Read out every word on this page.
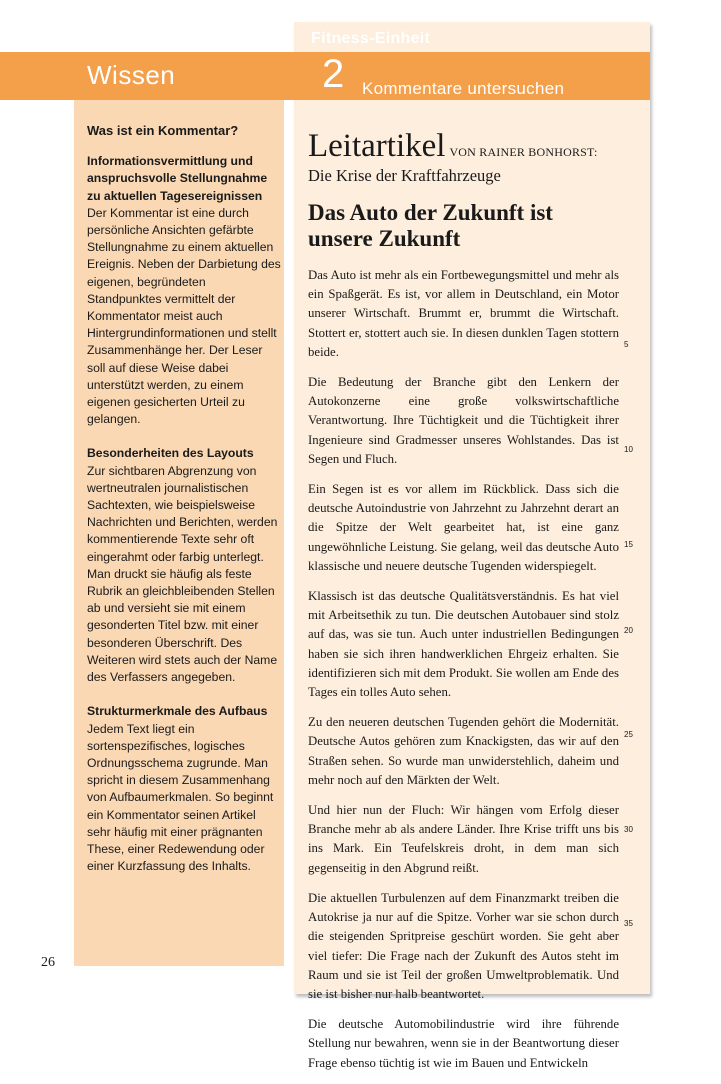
Fitness-Einheit
Wissen	2 Kommentare untersuchen
Was ist ein Kommentar?
Informationsvermittlung und anspruchsvolle Stellungnahme zu aktuellen Tagesereignissen

Der Kommentar ist eine durch persönliche Ansichten gefärbte Stellungnahme zu einem aktuellen Ereignis. Neben der Darbietung des eigenen, begründeten Standpunktes vermittelt der Kommentator meist auch Hintergrundinformationen und stellt Zusammenhänge her. Der Leser soll auf diese Weise dabei unterstützt werden, zu einem eigenen gesicherten Urteil zu gelangen.

Besonderheiten des Layouts

Zur sichtbaren Abgrenzung von wertneutralen journalistischen Sachtexten, wie beispielsweise Nachrichten und Berichten, werden kommentierende Texte sehr oft eingerahmt oder farbig unterlegt. Man druckt sie häufig als feste Rubrik an gleichbleibenden Stellen ab und versieht sie mit einem gesonderten Titel bzw. mit einer besonderen Überschrift. Des Weiteren wird stets auch der Name des Verfassers angegeben.

Strukturmerkmale des Aufbaus

Jedem Text liegt ein sortenspezifisches, logisches Ordnungsschema zugrunde. Man spricht in diesem Zusammenhang von Aufbaumerkmalen. So beginnt ein Kommentator seinen Artikel sehr häufig mit einer prägnanten These, einer Redewendung oder einer Kurzfassung des Inhalts.

Leitartikel VON RAINER BONHORST:
Die Krise der Kraftfahrzeuge
Das Auto der Zukunft ist unsere Zukunft

Das Auto ist mehr als ein Fortbewegungsmittel und mehr als ein Spaßgerät. Es ist, vor allem in Deutschland, ein Motor unserer Wirtschaft. Brummt er, brummt die Wirtschaft. Stottert er, stottert auch sie. In diesen dunklen Tagen stottern beide.

Die Bedeutung der Branche gibt den Lenkern der Autokonzerne eine große volkswirtschaftliche Verantwortung. Ihre Tüchtigkeit und die Tüchtigkeit ihrer Ingenieure sind Gradmesser unseres Wohlstandes. Das ist Segen und Fluch.

Ein Segen ist es vor allem im Rückblick. Dass sich die deutsche Autoindustrie von Jahrzehnt zu Jahrzehnt derart an die Spitze der Welt gearbeitet hat, ist eine ganz ungewöhnliche Leistung. Sie gelang, weil das deutsche Auto klassische und neuere deutsche Tugenden widerspiegelt.

Klassisch ist das deutsche Qualitätsverständnis. Es hat viel mit Arbeitsethik zu tun. Die deutschen Autobauer sind stolz auf das, was sie tun. Auch unter industriellen Bedingungen haben sie sich ihren handwerklichen Ehrgeiz erhalten. Sie identifizieren sich mit dem Produkt. Sie wollen am Ende des Tages ein tolles Auto sehen.

Zu den neueren deutschen Tugenden gehört die Modernität. Deutsche Autos gehören zum Knackigsten, das wir auf den Straßen sehen. So wurde man unwiderstehlich, daheim und mehr noch auf den Märkten der Welt.

Und hier nun der Fluch: Wir hängen vom Erfolg dieser Branche mehr ab als andere Länder. Ihre Krise trifft uns bis ins Mark. Ein Teufelskreis droht, in dem man sich gegenseitig in den Abgrund reißt.

Die aktuellen Turbulenzen auf dem Finanzmarkt treiben die Autokrise ja nur auf die Spitze. Vorher war sie schon durch die steigenden Spritpreise geschürt worden. Sie geht aber viel tiefer: Die Frage nach der Zukunft des Autos steht im Raum und sie ist Teil der großen Umweltproblematik. Und sie ist bisher nur halb beantwortet.

Die deutsche Automobilindustrie wird ihre führende Stellung nur bewahren, wenn sie in der Beantwortung dieser Frage ebenso tüchtig ist wie im Bauen und Entwickeln

5
10
15
20
25
30
35
26
